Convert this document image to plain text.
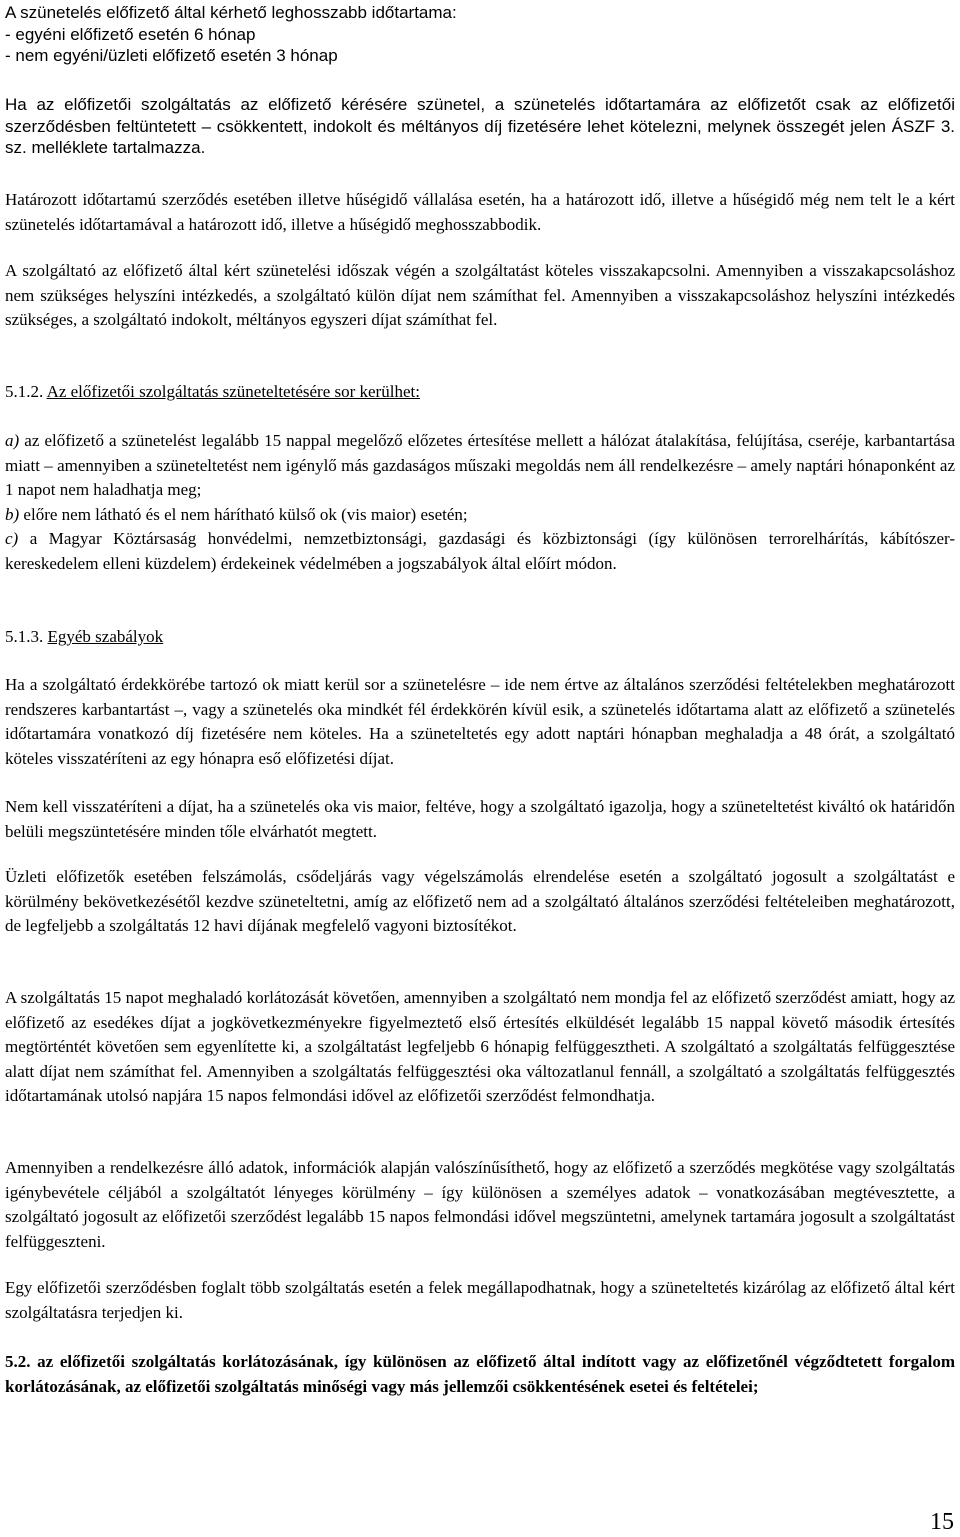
A szünetelés előfizető által kérhető leghosszabb időtartama:
- egyéni előfizető esetén 6 hónap
- nem egyéni/üzleti előfizető esetén 3 hónap

Ha az előfizetői szolgáltatás az előfizető kérésére szünetel, a szünetelés időtartamára az előfizetőt csak az előfizetői szerződésben feltüntetett – csökkentett, indokolt és méltányos díj fizetésére lehet kötelezni, melynek összegét jelen ÁSZF 3. sz. melléklete tartalmazza.

Határozott időtartamú szerződés esetében illetve hűségidő vállalása esetén, ha a határozott idő, illetve a hűségidő még nem telt le a kért szünetelés időtartamával a határozott idő, illetve a hűségidő meghosszabbodik.

A szolgáltató az előfizető által kért szünetelési időszak végén a szolgáltatást köteles visszakapcsolni. Amennyiben a visszakapcsoláshoz nem szükséges helyszíni intézkedés, a szolgáltató külön díjat nem számíthat fel. Amennyiben a visszakapcsoláshoz helyszíni intézkedés szükséges, a szolgáltató indokolt, méltányos egyszeri díjat számíthat fel.

5.1.2. Az előfizetői szolgáltatás szüneteltetésére sor kerülhet:

a) az előfizető a szünetelést legalább 15 nappal megelőző előzetes értesítése mellett a hálózat átalakítása, felújítása, cseréje, karbantartása miatt – amennyiben a szüneteltetést nem igénylő más gazdaságos műszaki megoldás nem áll rendelkezésre – amely naptári hónaponként az 1 napot nem haladhatja meg;
b) előre nem látható és el nem hárítható külső ok (vis maior) esetén;
c) a Magyar Köztársaság honvédelmi, nemzetbiztonsági, gazdasági és közbiztonsági (így különösen terrorelhárítás, kábítószer-kereskedelem elleni küzdelem) érdekeinek védelmében a jogszabályok által előírt módon.

5.1.3. Egyéb szabályok

Ha a szolgáltató érdekkörébe tartozó ok miatt kerül sor a szünetelésre – ide nem értve az általános szerződési feltételekben meghatározott rendszeres karbantartást –, vagy a szünetelés oka mindkét fél érdekkörén kívül esik, a szünetelés időtartama alatt az előfizető a szünetelés időtartamára vonatkozó díj fizetésére nem köteles. Ha a szüneteltetés egy adott naptári hónapban meghaladja a 48 órát, a szolgáltató köteles visszatéríteni az egy hónapra eső előfizetési díjat.

Nem kell visszatéríteni a díjat, ha a szünetelés oka vis maior, feltéve, hogy a szolgáltató igazolja, hogy a szüneteltetést kiváltó ok határidőn belüli megszüntetésére minden tőle elvárhatót megtett.

Üzleti előfizetők esetében felszámolás, csődeljárás vagy végelszámolás elrendelése esetén a szolgáltató jogosult a szolgáltatást e körülmény bekövetkezésétől kezdve szüneteltetni, amíg az előfizető nem ad a szolgáltató általános szerződési feltételeiben meghatározott, de legfeljebb a szolgáltatás 12 havi díjának megfelelő vagyoni biztosítékot.

A szolgáltatás 15 napot meghaladó korlátozását követően, amennyiben a szolgáltató nem mondja fel az előfizető szerződést amiatt, hogy az előfizető az esedékes díjat a jogkövetkezményekre figyelmeztető első értesítés elküldését legalább 15 nappal követő második értesítés megtörténtét követően sem egyenlítette ki, a szolgáltatást legfeljebb 6 hónapig felfüggesztheti. A szolgáltató a szolgáltatás felfüggesztése alatt díjat nem számíthat fel. Amennyiben a szolgáltatás felfüggesztési oka változatlanul fennáll, a szolgáltató a szolgáltatás felfüggesztés időtartamának utolsó napjára 15 napos felmondási idővel az előfizetői szerződést felmondhatja.

Amennyiben a rendelkezésre álló adatok, információk alapján valószínűsíthető, hogy az előfizető a szerződés megkötése vagy szolgáltatás igénybevétele céljából a szolgáltatót lényeges körülmény – így különösen a személyes adatok – vonatkozásában megtévesztette, a szolgáltató jogosult az előfizetői szerződést legalább 15 napos felmondási idővel megszüntetni, amelynek tartamára jogosult a szolgáltatást felfüggeszteni.

Egy előfizetői szerződésben foglalt több szolgáltatás esetén a felek megállapodhatnak, hogy a szüneteltetés kizárólag az előfizető által kért szolgáltatásra terjedjen ki.

5.2. az előfizetői szolgáltatás korlátozásának, így különösen az előfizető által indított vagy az előfizetőnél végződtetett forgalom korlátozásának, az előfizetői szolgáltatás minőségi vagy más jellemzői csökkentésének esetei és feltételei;

15
